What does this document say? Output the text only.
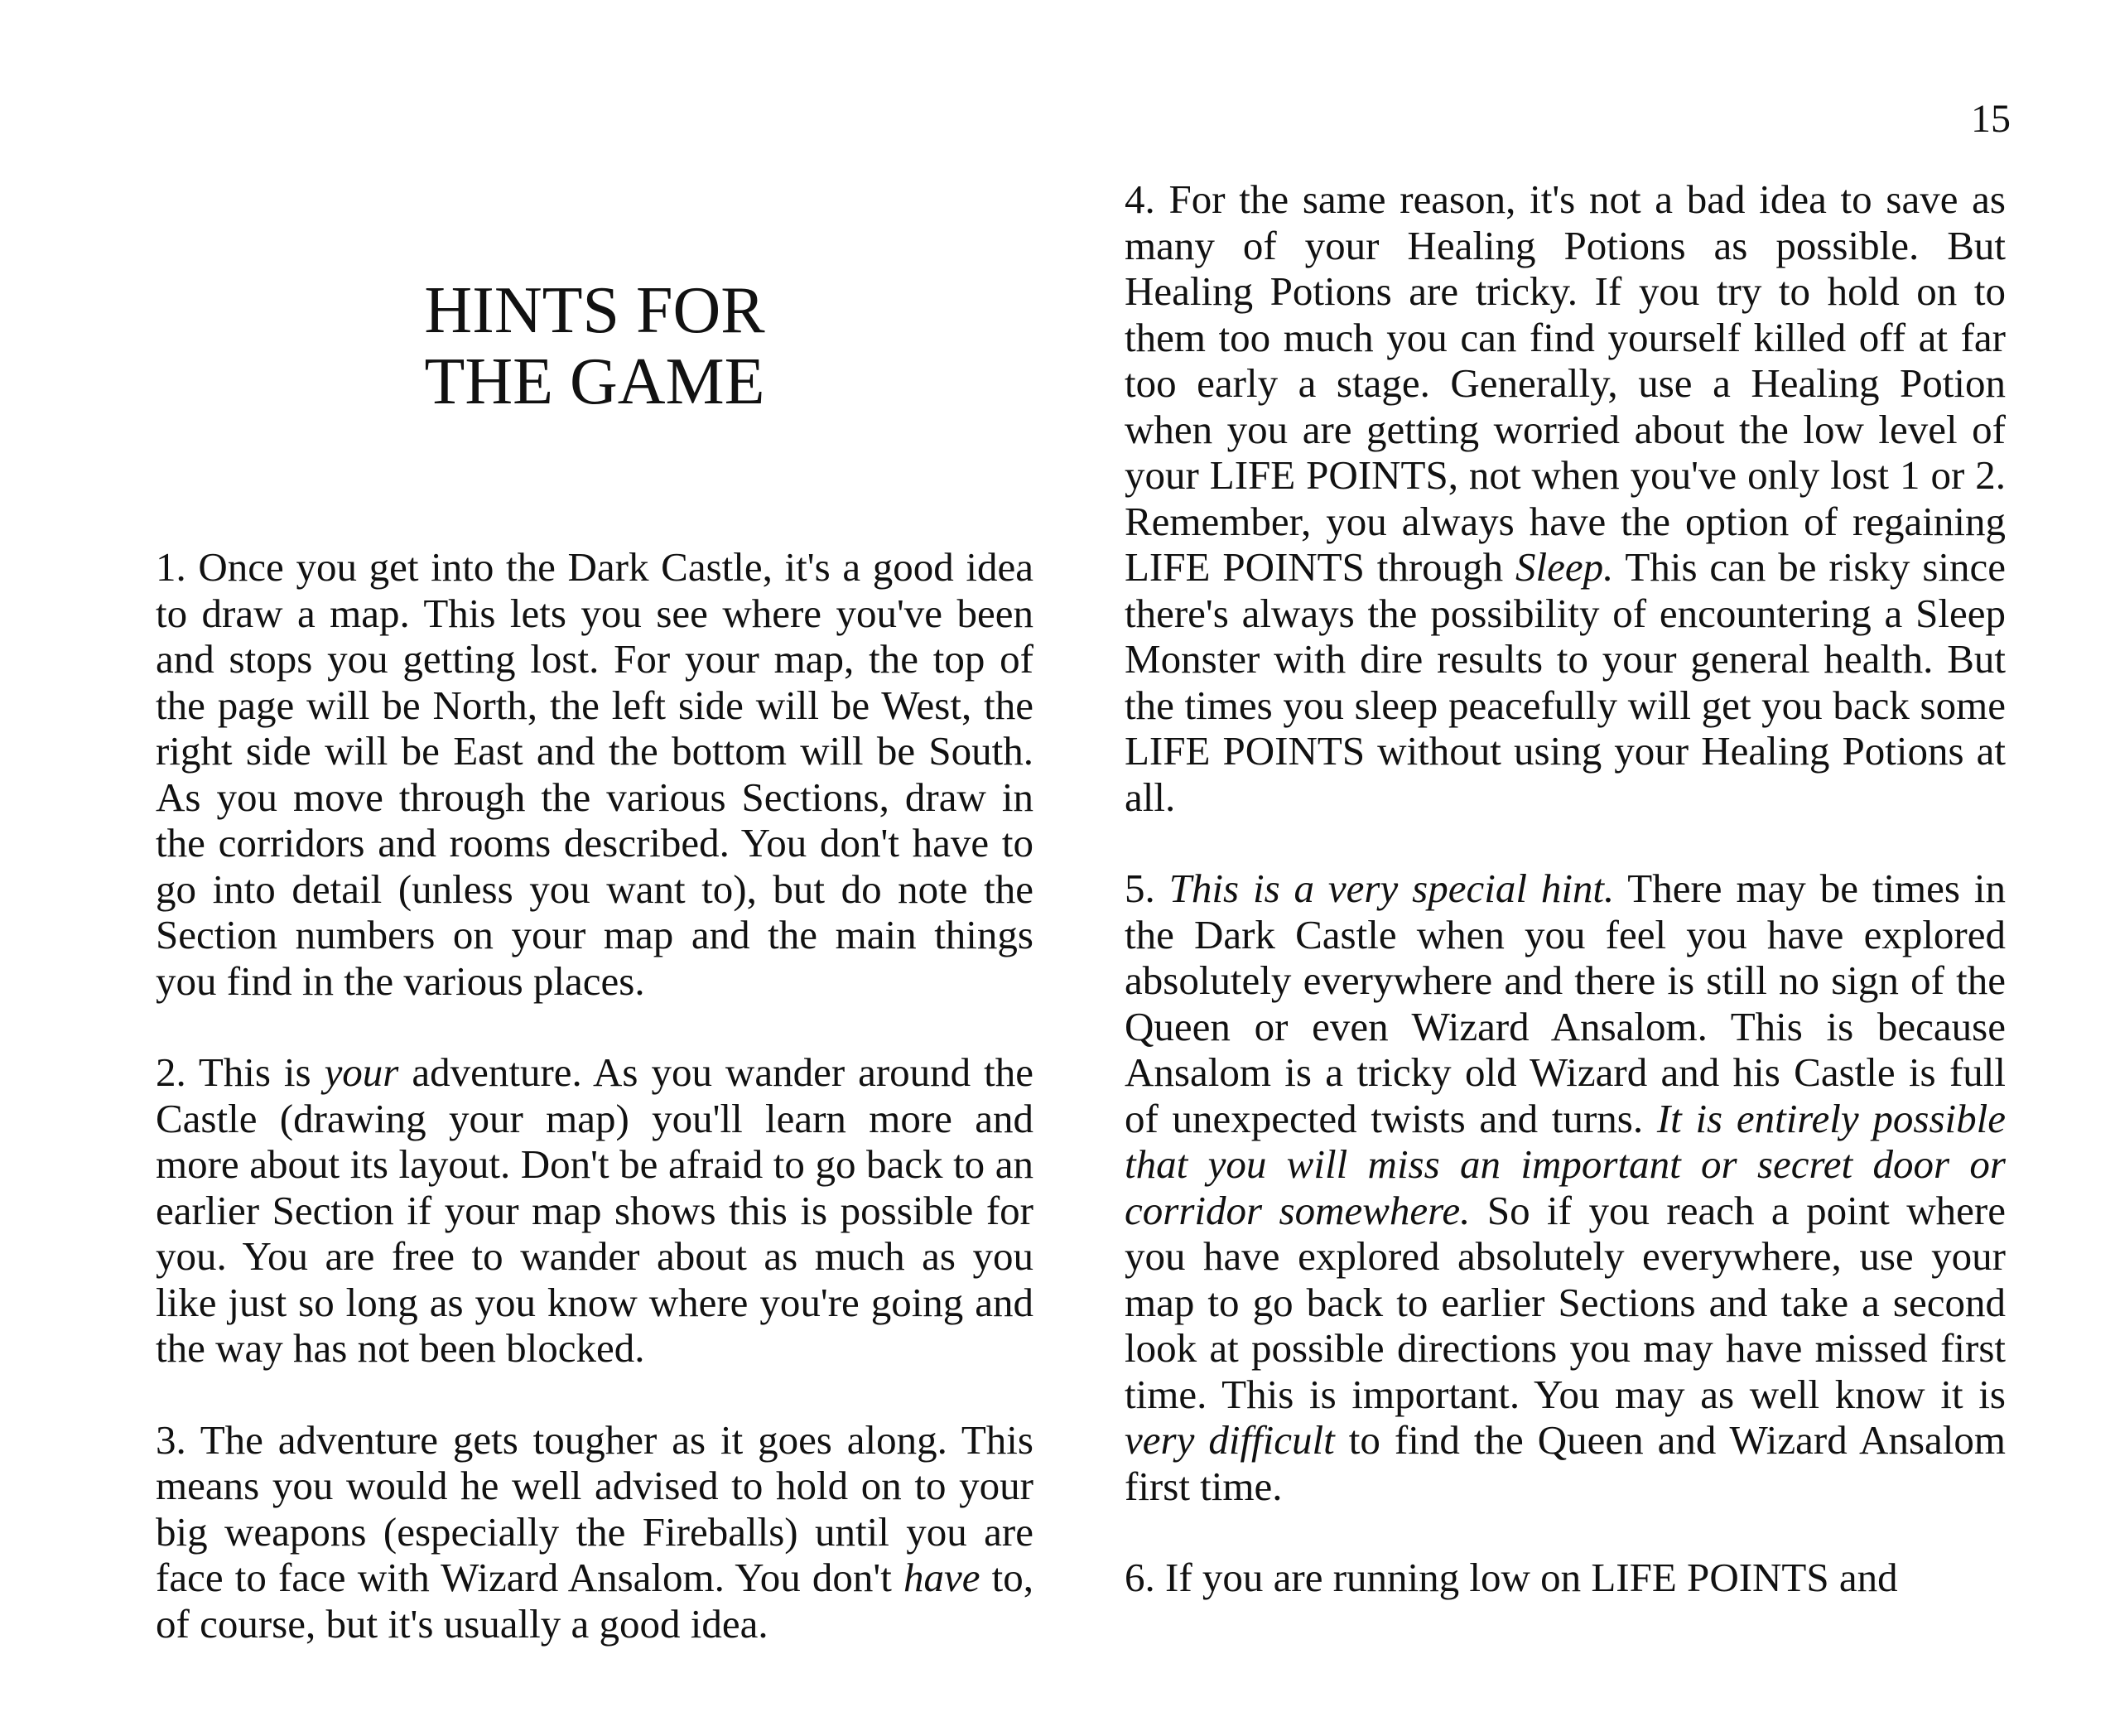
15
HINTS FOR
THE GAME

1. Once you get into the Dark Castle, it's a good idea to draw a map. This lets you see where you've been and stops you getting lost. For your map, the top of the page will be North, the left side will be West, the right side will be East and the bottom will be South. As you move through the various Sections, draw in the corridors and rooms described. You don't have to go into detail (unless you want to), but do note the Section numbers on your map and the main things you find in the various places.

2. This is your adventure. As you wander around the Castle (drawing your map) you'll learn more and more about its layout. Don't be afraid to go back to an earlier Section if your map shows this is possible for you. You are free to wander about as much as you like just so long as you know where you're going and the way has not been blocked.

3. The adventure gets tougher as it goes along. This means you would he well advised to hold on to your big weapons (especially the Fireballs) until you are face to face with Wizard Ansalom. You don't have to, of course, but it's usually a good idea.

4. For the same reason, it's not a bad idea to save as many of your Healing Potions as possible. But Healing Potions are tricky. If you try to hold on to them too much you can find yourself killed off at far too early a stage. Generally, use a Healing Potion when you are getting worried about the low level of your LIFE POINTS, not when you've only lost 1 or 2. Remember, you always have the option of regaining LIFE POINTS through Sleep. This can be risky since there's always the possibility of encountering a Sleep Monster with dire results to your general health. But the times you sleep peacefully will get you back some LIFE POINTS without using your Healing Potions at all.

5. This is a very special hint. There may be times in the Dark Castle when you feel you have explored absolutely everywhere and there is still no sign of the Queen or even Wizard Ansalom. This is because Ansalom is a tricky old Wizard and his Castle is full of unexpected twists and turns. It is entirely possible that you will miss an important or secret door or corridor somewhere. So if you reach a point where you have explored absolutely everywhere, use your map to go back to earlier Sections and take a second look at possible directions you may have missed first time. This is important. You may as well know it is very difficult to find the Queen and Wizard Ansalom first time.

6. If you are running low on LIFE POINTS and
